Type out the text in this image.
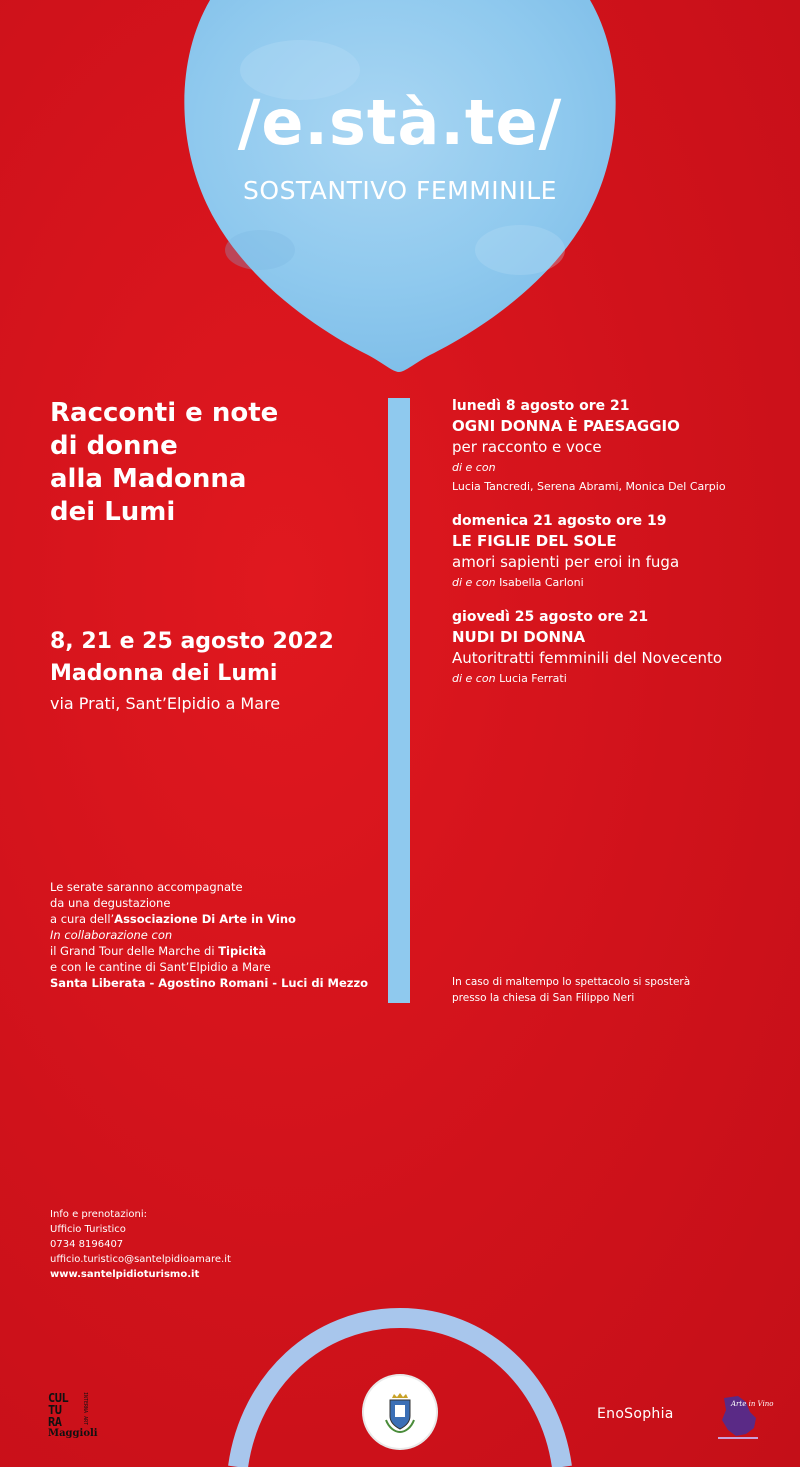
/e.stà.te/
SOSTANTIVO FEMMINILE
Racconti e note
di donne
alla Madonna
dei Lumi
8, 21 e 25 agosto 2022
Madonna dei Lumi
via Prati, Sant’Elpidio a Mare
lunedì 8 agosto ore 21
OGNI DONNA È PAESAGGIO
per racconto e voce
di e con
Lucia Tancredi, Serena Abrami, Monica Del Carpio
domenica 21 agosto ore 19
LE FIGLIE DEL SOLE
amori sapienti per eroi in fuga
di e con Isabella Carloni
giovedì 25 agosto ore 21
NUDI DI DONNA
Autoritratti femminili del Novecento
di e con Lucia Ferrati
Le serate saranno accompagnate
da una degustazione
a cura dell’Associazione Di Arte in Vino
In collaborazione con
il Grand Tour delle Marche di Tipicità
e con le cantine di Sant’Elpidio a Mare
Santa Liberata - Agostino Romani - Luci di Mezzo	In caso di maltempo lo spettacolo si sposterà
presso la chiesa di San Filippo Neri
Info e prenotazioni:
Ufficio Turistico
0734 8196407
ufficio.turistico@santelpidioamare.it
www.santelpidioturismo.it
CUL
TU
RA	INTERNA ART
Maggioli
EnoSophia
Arte in Vino
